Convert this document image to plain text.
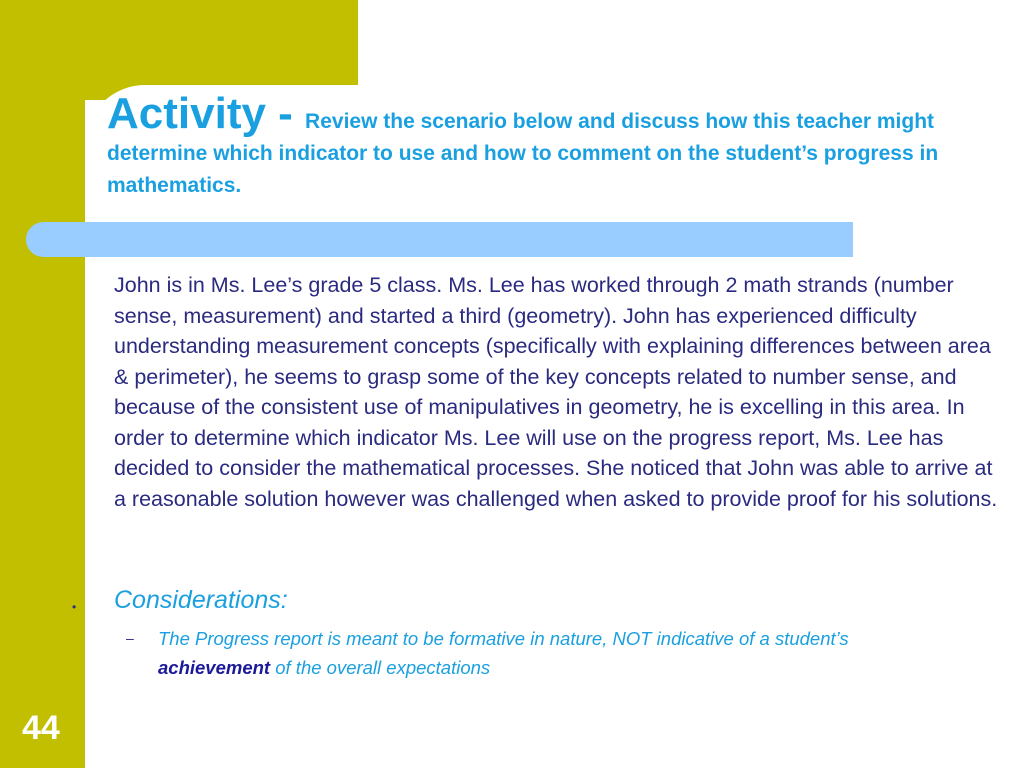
Activity - Review the scenario below and discuss how this teacher might determine which indicator to use and how to comment on the student’s progress in mathematics.
John is in Ms. Lee’s grade 5 class. Ms. Lee has worked through 2 math strands (number sense, measurement) and started a third (geometry). John has experienced difficulty understanding measurement concepts (specifically with explaining differences between area & perimeter), he seems to grasp some of the key concepts related to number sense, and because of the consistent use of manipulatives in geometry, he is excelling in this area. In order to determine which indicator Ms. Lee will use on the progress report, Ms. Lee has decided to consider the mathematical processes. She noticed that John was able to arrive at a reasonable solution however was challenged when asked to provide proof for his solutions.
• Considerations:
– The Progress report is meant to be formative in nature, NOT indicative of a student’s achievement of the overall expectations
44
